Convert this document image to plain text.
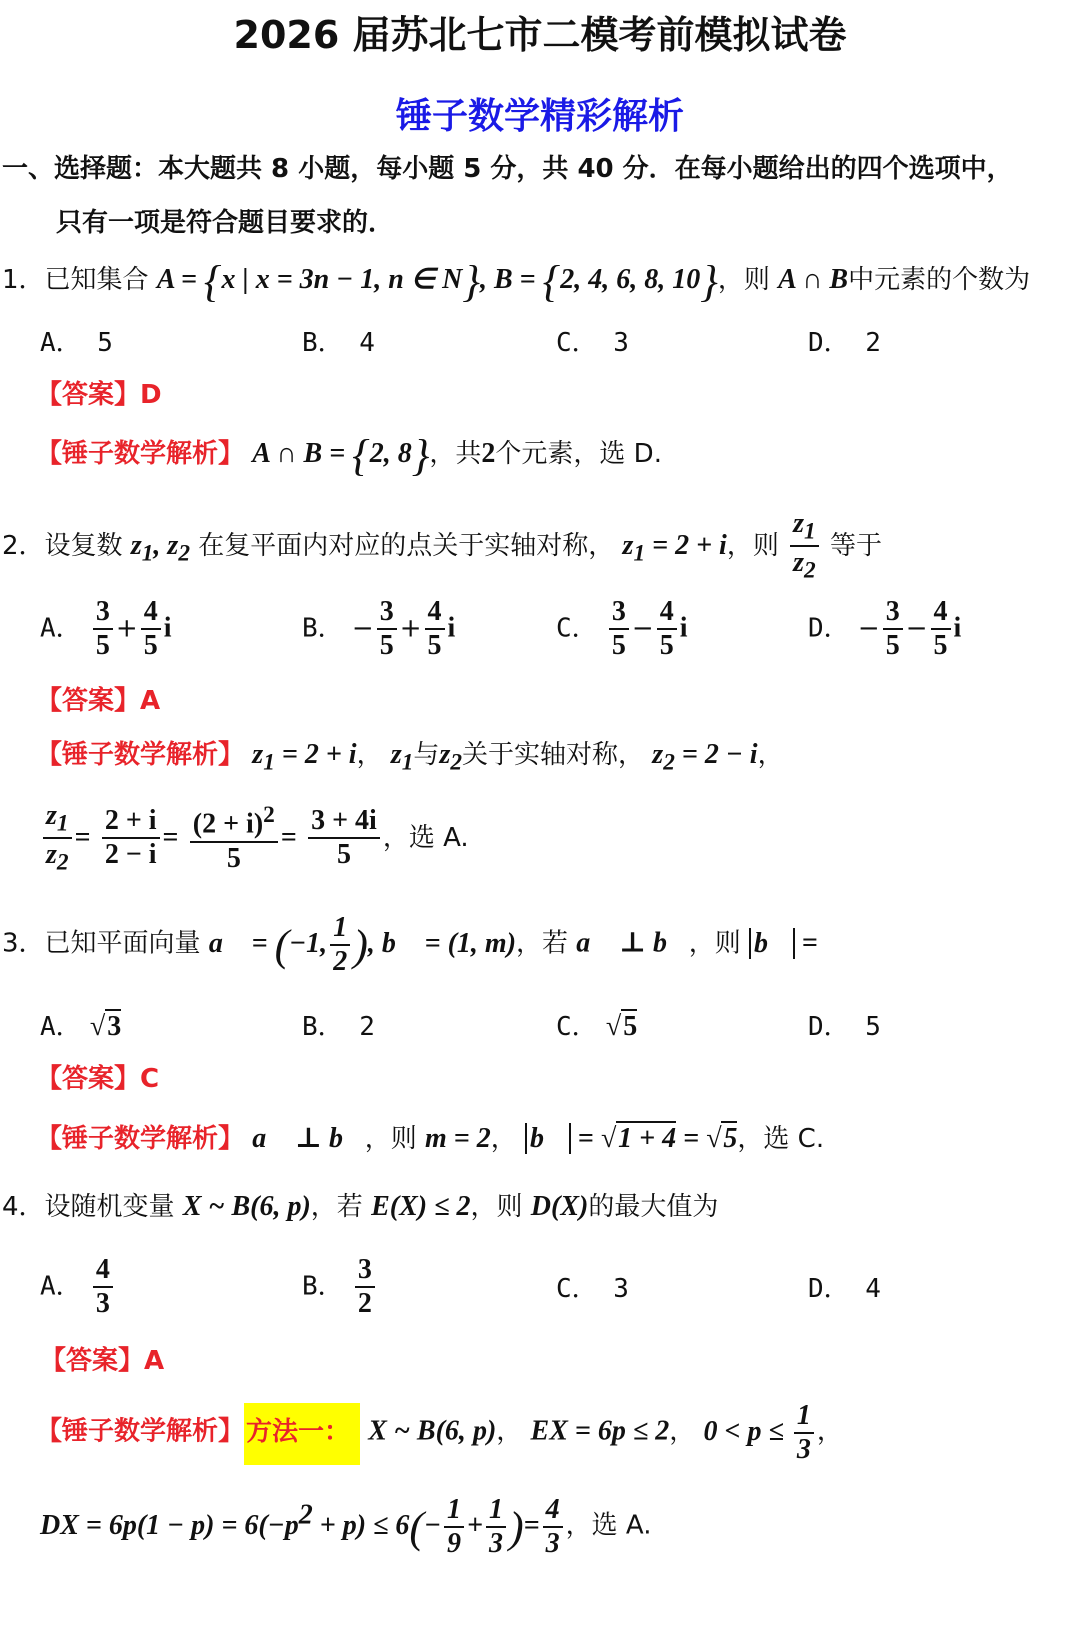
2026 届苏北七市二模考前模拟试卷
锤子数学精彩解析
一、选择题：本大题共 8 小题，每小题 5 分，共 40 分．在每小题给出的四个选项中，
只有一项是符合题目要求的．
1．已知集合 A = {x | x = 3n − 1, n ∈ N}, B = {2, 4, 6, 8, 10}，则 A ∩ B中元素的个数为
A． 5	B． 4	C． 3	D． 2
【答案】D
【锤子数学解析】 A ∩ B = {2, 8}，共2个元素，选 D.
2．设复数 $z_1$, $z_2$ 在复平面内对应的点关于实轴对称， $z_1 = 2 + i$，则 $\frac{z_1}{z_2}$ 等于
A． $\frac{3}{5} + \frac{4}{5}$ i	B． − $\frac{3}{5} + \frac{4}{5}$ i	C． $\frac{3}{5} - \frac{4}{5}$ i	D． − $\frac{3}{5} - \frac{4}{5}$ i
【答案】A
【锤子数学解析】 $z_1 = 2 + i$， $z_1$与$z_2$关于实轴对称， $z_2 = 2 - i$，
$\frac{z_1}{z_2} = \frac{2 + i}{2 - i} = \frac{(2 + i)^2}{5} = \frac{3 + 4i}{5}$ ，选 A.
3．已知平面向量 a⃗ = (−1, $\frac{1}{2}$ ), b⃗ = (1, m)，若 a⃗ ⊥ b⃗，则 b⃗ =
A． √3	B． 2	C． √5	D． 5
【答案】C
【锤子数学解析】 a⃗ ⊥ b⃗，则 m = 2， b⃗ = √1 + 4 = √5，选 C.
4．设随机变量 X ~ B(6, p)，若 E(X) ≤ 2，则 D(X)的最大值为
A． $\frac{4}{3}$	B． $\frac{3}{2}$	C． 3	D． 4
【答案】A
【锤子数学解析】方法一： X ~ B(6, p)， EX = 6p ≤ 2， $0 < p \le \frac{1}{3}$ ，
DX = $6p(1 - p) = 6(-p^2 + p) \le 6(- \frac{1}{9} + \frac{1}{3}$ )= $\frac{4}{3}$ ，选 A.
